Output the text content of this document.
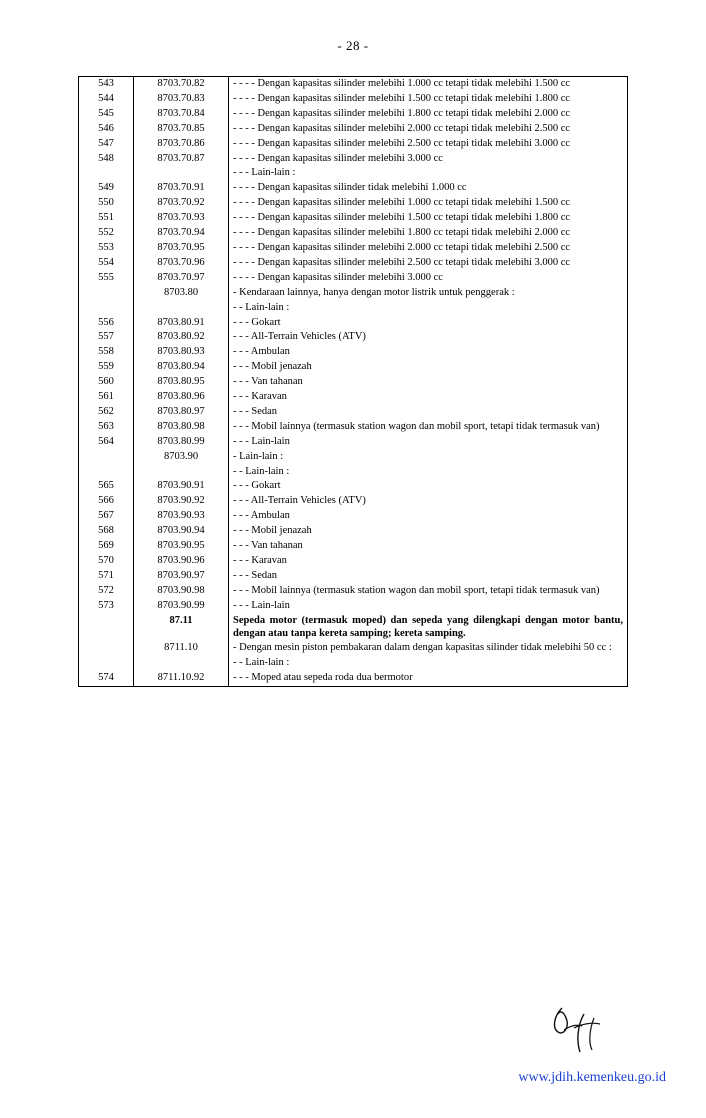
- 28 -
543	8703.70.82	- - - - Dengan kapasitas silinder melebihi 1.000 cc tetapi tidak melebihi 1.500 cc
544	8703.70.83	- - - - Dengan kapasitas silinder melebihi 1.500 cc tetapi tidak melebihi 1.800 cc
545	8703.70.84	- - - - Dengan kapasitas silinder melebihi 1.800 cc tetapi tidak melebihi 2.000 cc
546	8703.70.85	- - - - Dengan kapasitas silinder melebihi 2.000 cc tetapi tidak melebihi 2.500 cc
547	8703.70.86	- - - - Dengan kapasitas silinder melebihi 2.500 cc tetapi tidak melebihi 3.000 cc
548	8703.70.87	- - - - Dengan kapasitas silinder melebihi 3.000 cc
		- - - Lain-lain :
549	8703.70.91	- - - - Dengan kapasitas silinder tidak melebihi 1.000 cc
550	8703.70.92	- - - - Dengan kapasitas silinder melebihi 1.000 cc tetapi tidak melebihi 1.500 cc
551	8703.70.93	- - - - Dengan kapasitas silinder melebihi 1.500 cc tetapi tidak melebihi 1.800 cc
552	8703.70.94	- - - - Dengan kapasitas silinder melebihi 1.800 cc tetapi tidak melebihi 2.000 cc
553	8703.70.95	- - - - Dengan kapasitas silinder melebihi 2.000 cc tetapi tidak melebihi 2.500 cc
554	8703.70.96	- - - - Dengan kapasitas silinder melebihi 2.500 cc tetapi tidak melebihi 3.000 cc
555	8703.70.97	- - - - Dengan kapasitas silinder melebihi 3.000 cc
	8703.80	- Kendaraan lainnya, hanya dengan motor listrik untuk penggerak :
		- - Lain-lain :
556	8703.80.91	- - - Gokart
557	8703.80.92	- - - All-Terrain Vehicles (ATV)
558	8703.80.93	- - - Ambulan
559	8703.80.94	- - - Mobil jenazah
560	8703.80.95	- - - Van tahanan
561	8703.80.96	- - - Karavan
562	8703.80.97	- - - Sedan
563	8703.80.98	- - - Mobil lainnya (termasuk station wagon dan mobil sport, tetapi tidak termasuk van)
564	8703.80.99	- - - Lain-lain
	8703.90	- Lain-lain :
		- - Lain-lain :
565	8703.90.91	- - - Gokart
566	8703.90.92	- - - All-Terrain Vehicles (ATV)
567	8703.90.93	- - - Ambulan
568	8703.90.94	- - - Mobil jenazah
569	8703.90.95	- - - Van tahanan
570	8703.90.96	- - - Karavan
571	8703.90.97	- - - Sedan
572	8703.90.98	- - - Mobil lainnya (termasuk station wagon dan mobil sport, tetapi tidak termasuk van)
573	8703.90.99	- - - Lain-lain
	87.11	Sepeda motor (termasuk moped) dan sepeda yang dilengkapi dengan motor bantu, dengan atau tanpa kereta samping; kereta samping.
	8711.10	- Dengan mesin piston pembakaran dalam dengan kapasitas silinder tidak melebihi 50 cc :
		- - Lain-lain :
574	8711.10.92	- - - Moped atau sepeda roda dua bermotor
www.jdih.kemenkeu.go.id
